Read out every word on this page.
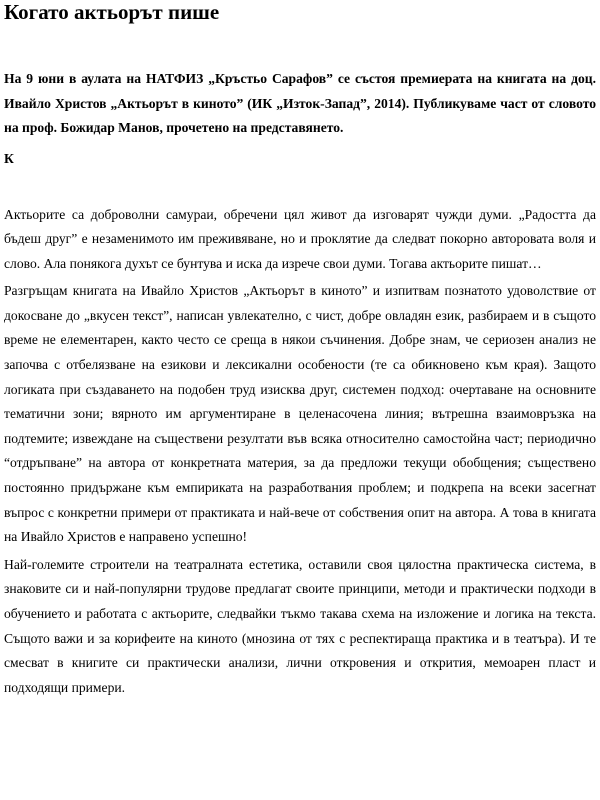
Когато актьорът пише
На 9 юни в аулата на НАТФИЗ „Кръстьо Сарафов” се състоя премиерата на книгата на доц. Ивайло Христов „Актьорът в киното” (ИК „Изток-Запад”, 2014). Публикуваме част от словото на проф. Божидар Манов, прочетено на представянето.
К

Актьорите са доброволни самураи, обречени цял живот да изговарят чужди думи. „Радостта да бъдеш друг” е незаменимото им преживяване, но и проклятие да следват покорно авторовата воля и слово. Ала понякога духът се бунтува и иска да изрече свои думи. Тогава актьорите пишат…

Разгръщам книгата на Ивайло Христов „Актьорът в киното” и изпитвам познатото удоволствие от докосване до „вкусен текст”, написан увлекателно, с чист, добре овладян език, разбираем и в същото време не елементарен, както често се среща в някои съчинения. Добре знам, че сериозен анализ не започва с отбелязване на езикови и лексикални особености (те са обикновено към края). Защото логиката при създаването на подобен труд изисква друг, системен подход: очертаване на основните тематични зони; вярното им аргументиране в целенасочена линия; вътрешна взаимовръзка на подтемите; извеждане на съществени резултати във всяка относително самостойна част; периодично “отдръпване” на автора от конкретната материя, за да предложи текущи обобщения; съществено постоянно придържане към емпириката на разработвания проблем; и подкрепа на всеки засегнат въпрос с конкретни примери от практиката и най-вече от собствения опит на автора. А това в книгата на Ивайло Христов е направено успешно!

Най-големите строители на театралната естетика, оставили своя цялостна практическа система, в знаковите си и най-популярни трудове предлагат своите принципи, методи и практически подходи в обучението и работата с актьорите, следвайки тъкмо такава схема на изложение и логика на текста. Същото важи и за корифеите на киното (мнозина от тях с респектираща практика и в театъра). И те смесват в книгите си практически анализи, лични откровения и открития, мемоарен пласт и подходящи примери.
